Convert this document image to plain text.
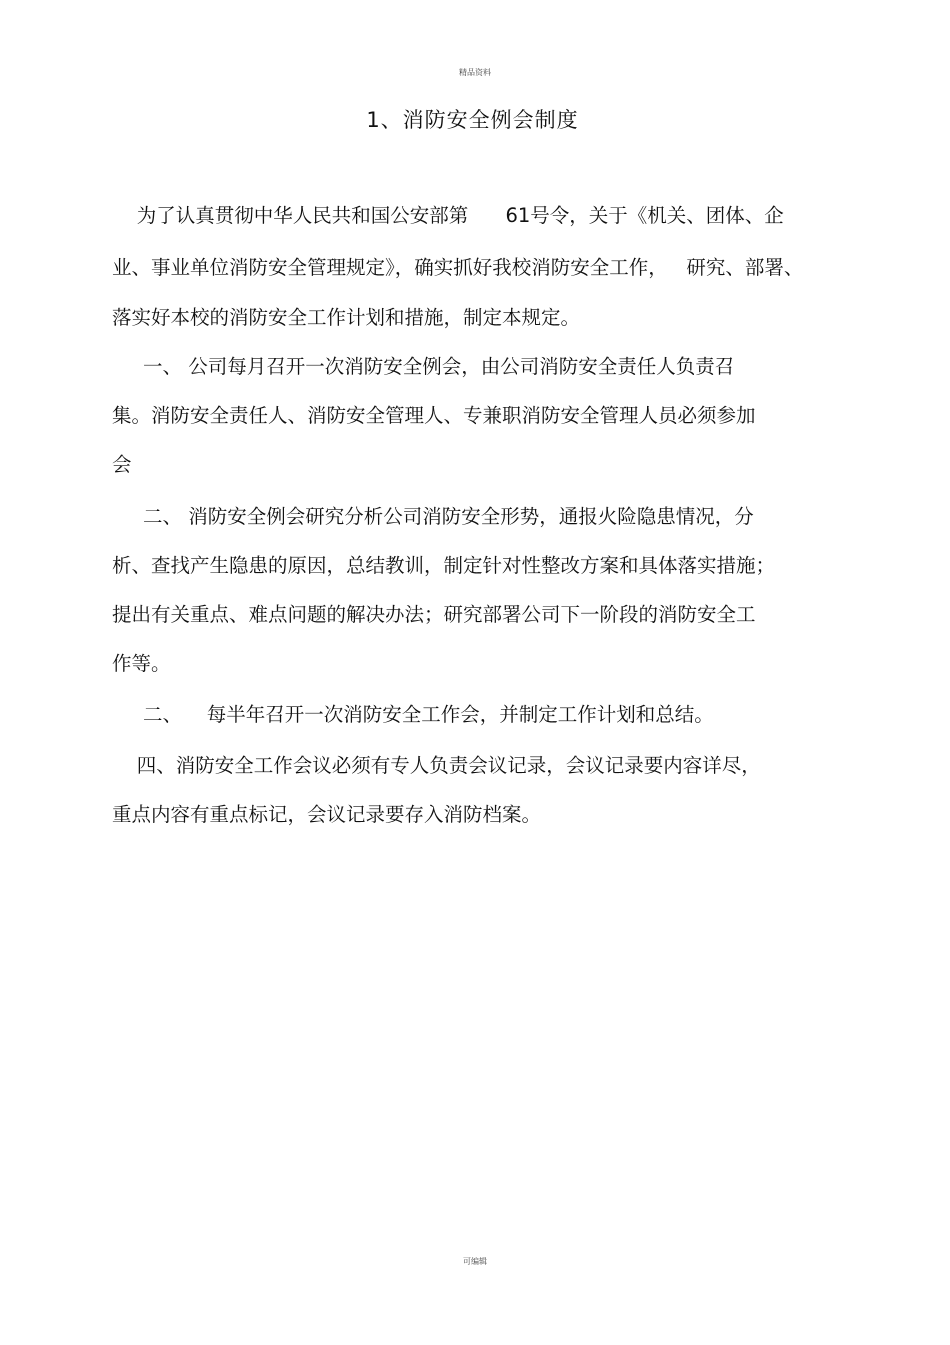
精品资料
1、消防安全例会制度
为了认真贯彻中华人民共和国公安部第      61号令，关于《机关、团体、企
业、事业单位消防安全管理规定》，确实抓好我校消防安全工作，   研究、部署、
落实好本校的消防安全工作计划和措施，制定本规定。
一、 公司每月召开一次消防安全例会，由公司消防安全责任人负责召
集。消防安全责任人、消防安全管理人、专兼职消防安全管理人员必须参加
会
二、 消防安全例会研究分析公司消防安全形势，通报火险隐患情况，分
析、查找产生隐患的原因，总结教训，制定针对性整改方案和具体落实措施；
提出有关重点、难点问题的解决办法；研究部署公司下一阶段的消防安全工
作等。
二、    每半年召开一次消防安全工作会，并制定工作计划和总结。
四、消防安全工作会议必须有专人负责会议记录，会议记录要内容详尽，
重点内容有重点标记，会议记录要存入消防档案。
可编辑
